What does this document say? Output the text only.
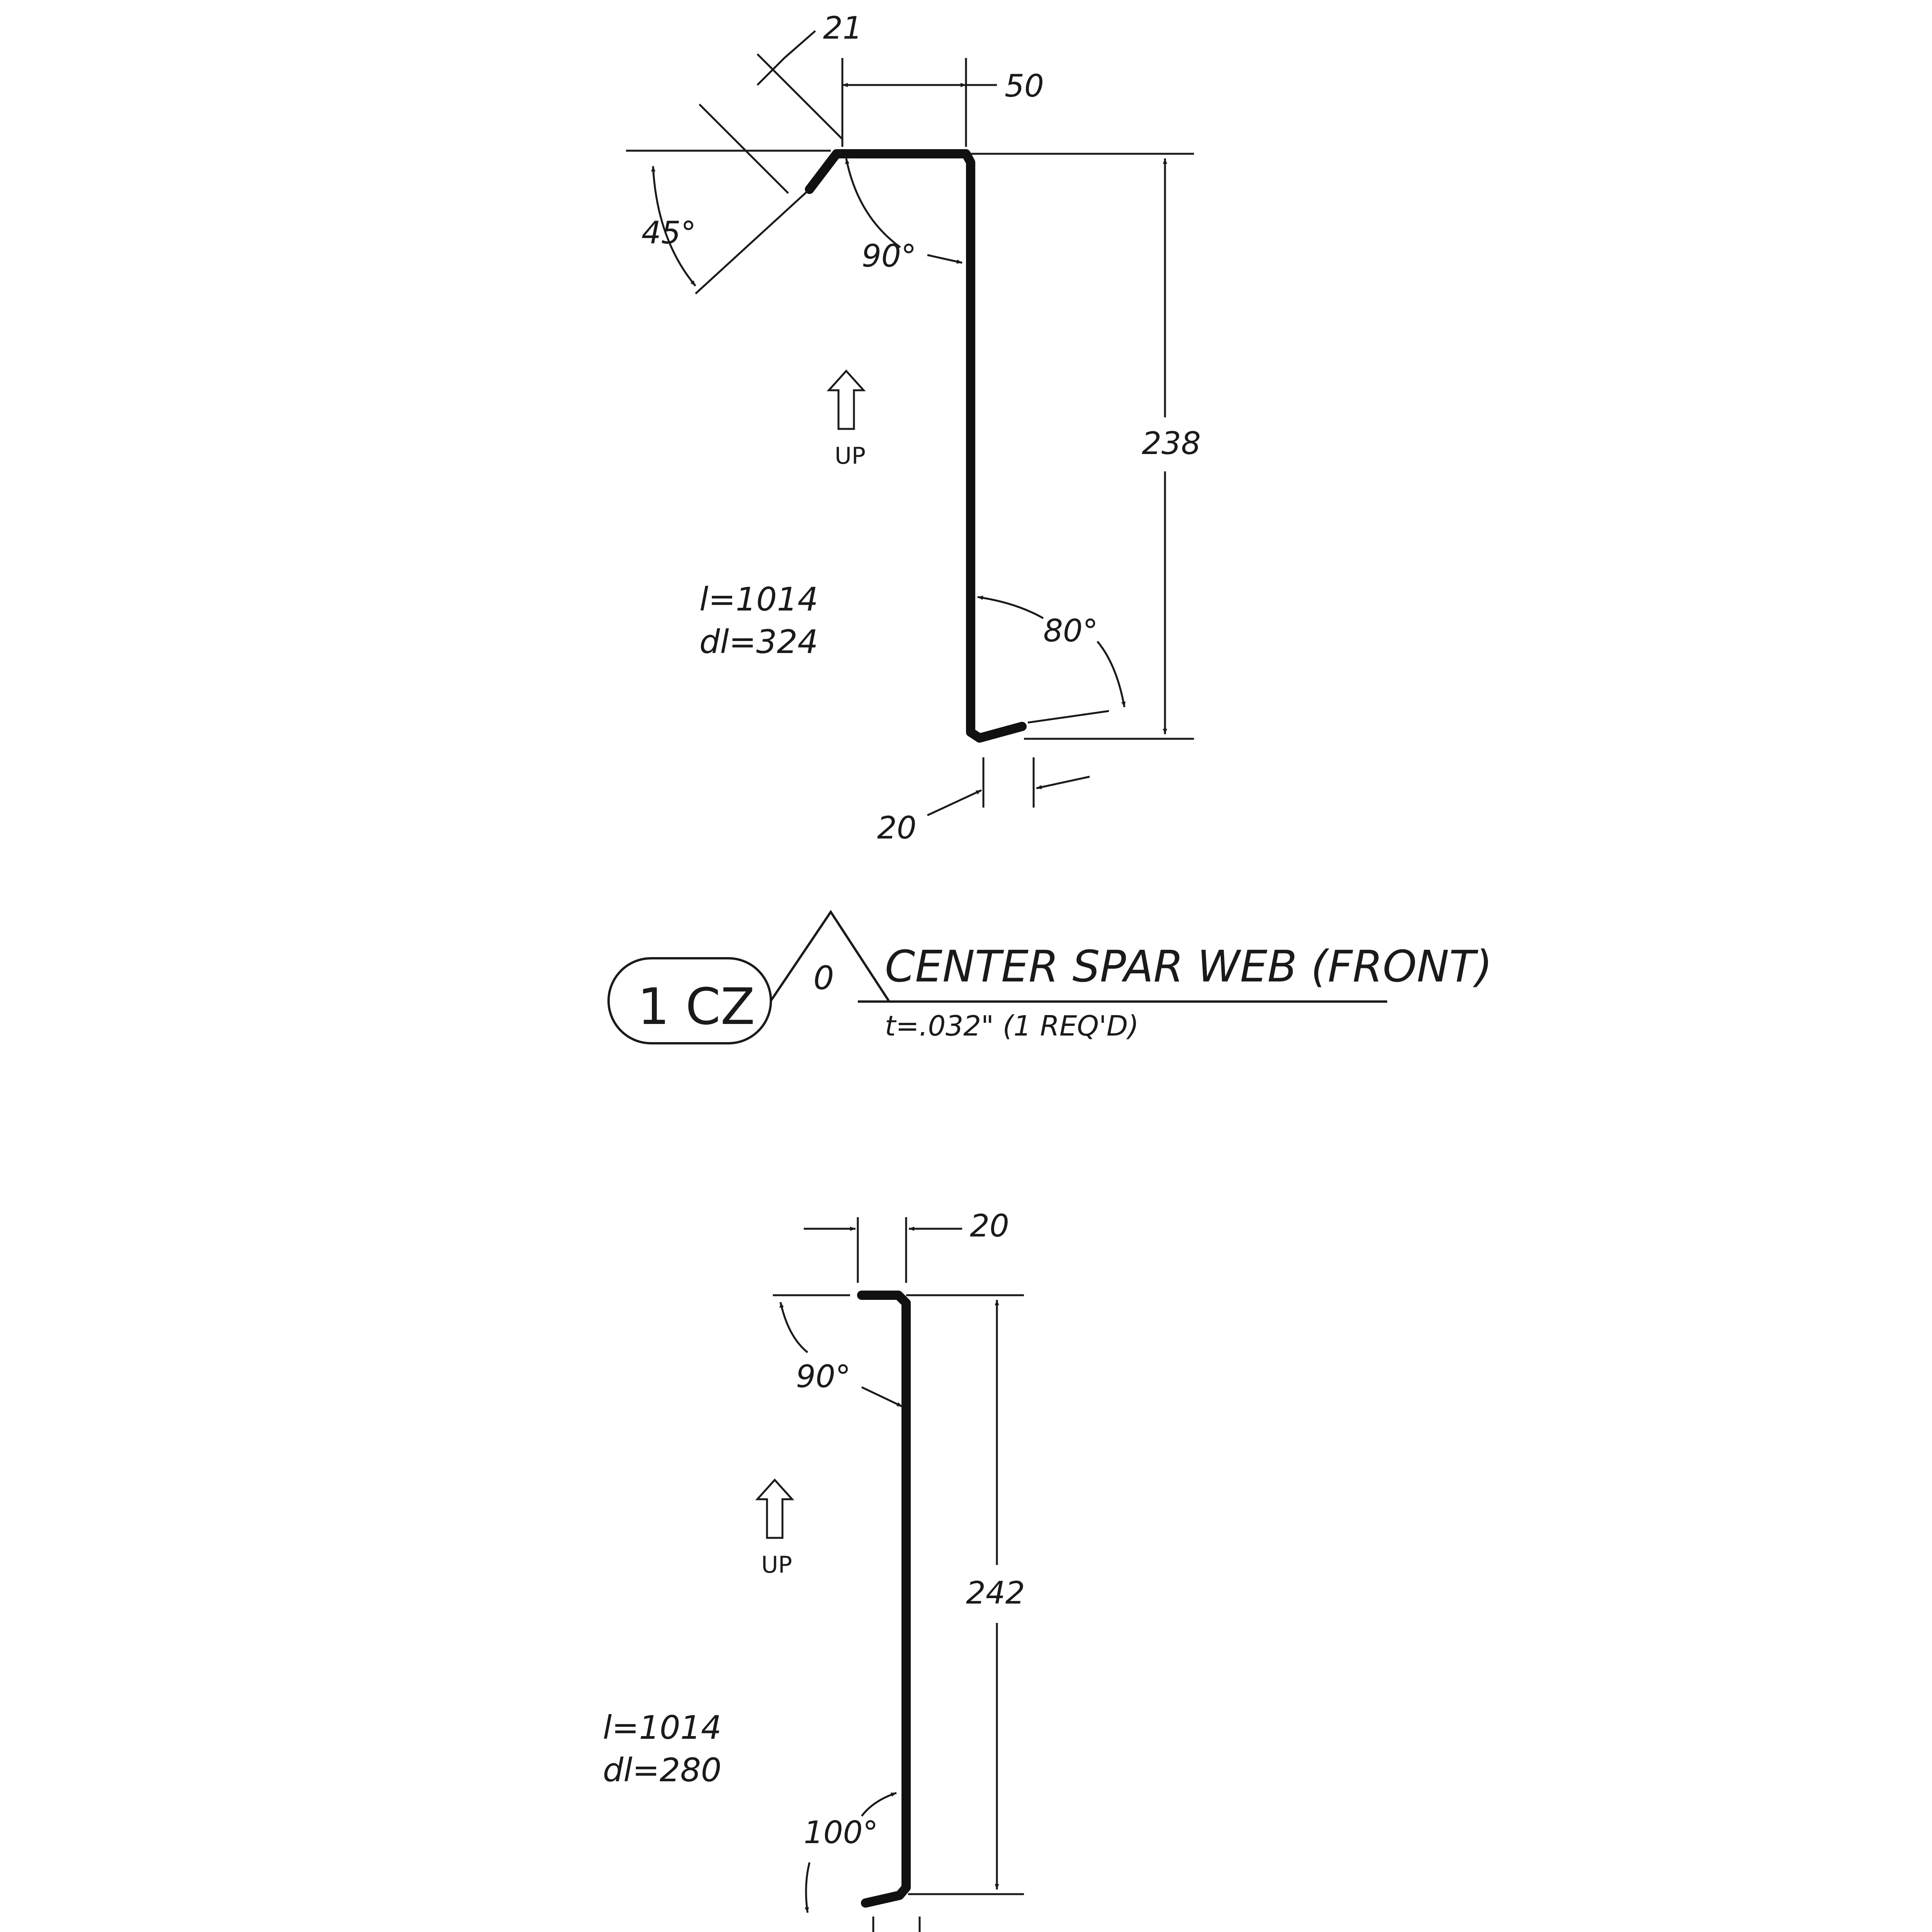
50
21
45°
90°
238
80°
20
UP
l=1014
dl=324
1 CZ 0 CENTER SPAR WEB (FRONT)
t=.032" (1 REQ'D)
20
90°
242
100°
UP
l=1014
dl=280
